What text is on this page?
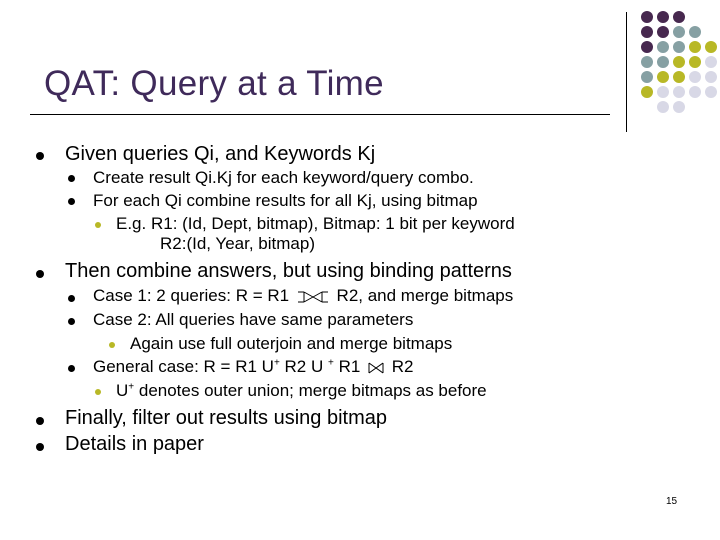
QAT: Query at a Time
Given queries Qi, and Keywords Kj
Create result Qi.Kj for each keyword/query combo.
For each Qi combine results for all Kj, using bitmap
E.g. R1: (Id, Dept, bitmap), Bitmap: 1 bit per keyword
R2:(Id, Year, bitmap)
Then combine answers, but using binding patterns
Case 1: 2 queries: R = R1	R2, and merge bitmaps
Case 2: All queries have same parameters
Again use full outerjoin and merge bitmaps
General case: R = R1 U+ R2 U + R1 R2
U+ denotes outer union; merge bitmaps as before
Finally, filter out results using bitmap
Details in paper
15
